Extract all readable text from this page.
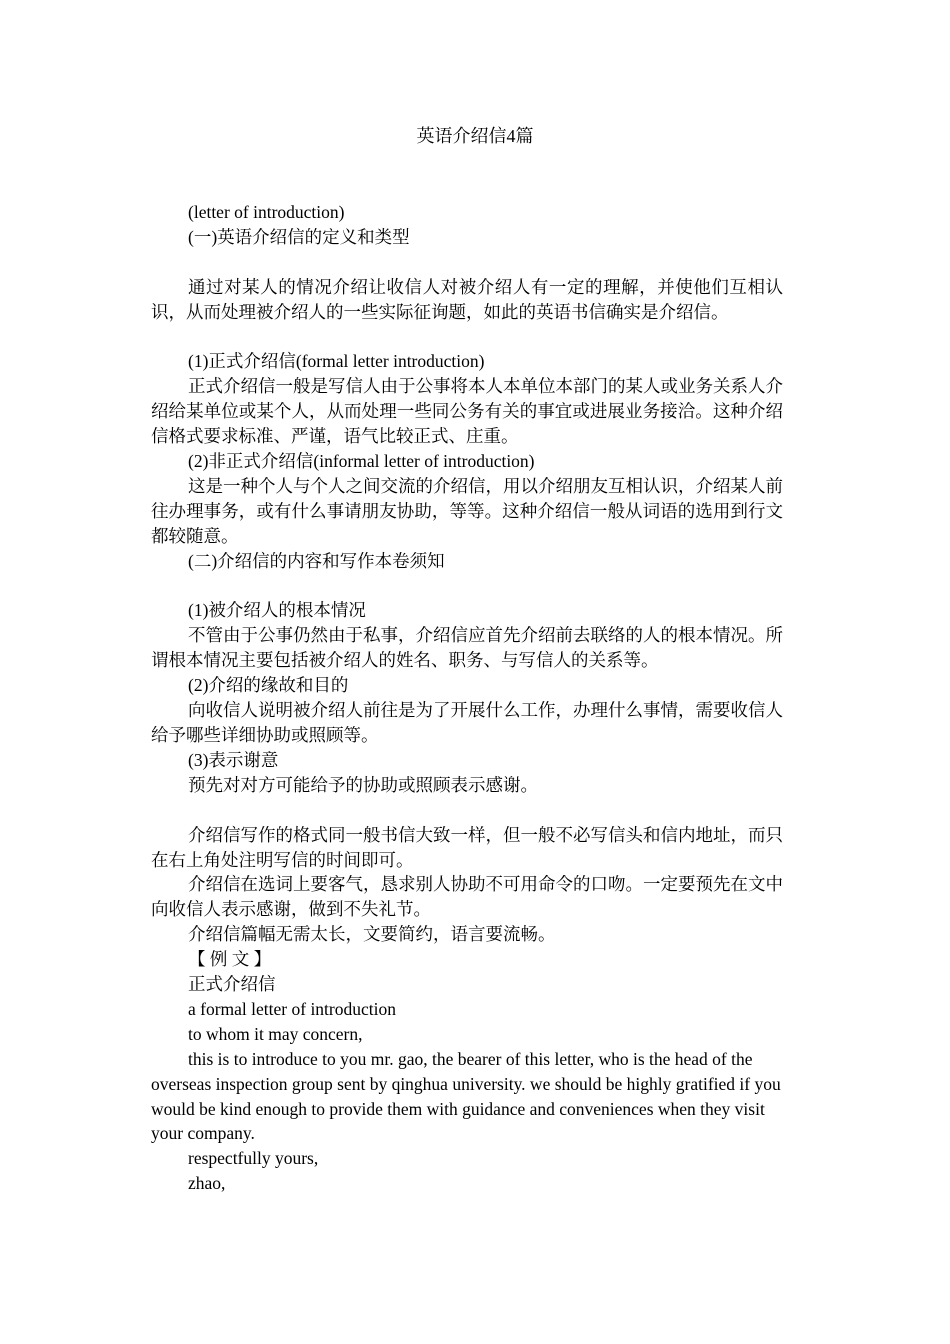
英语介绍信4篇

(letter of introduction)

(一)英语介绍信的定义和类型

通过对某人的情况介绍让收信人对被介绍人有一定的理解，并使他们互相认识，从而处理被介绍人的一些实际征询题，如此的英语书信确实是介绍信。

(1)正式介绍信(formal letter introduction)

正式介绍信一般是写信人由于公事将本人本单位本部门的某人或业务关系人介绍给某单位或某个人，从而处理一些同公务有关的事宜或进展业务接洽。这种介绍信格式要求标准、严谨，语气比较正式、庄重。

(2)非正式介绍信(informal letter of introduction)

这是一种个人与个人之间交流的介绍信，用以介绍朋友互相认识，介绍某人前往办理事务，或有什么事请朋友协助，等等。这种介绍信一般从词语的选用到行文都较随意。

(二)介绍信的内容和写作本卷须知

(1)被介绍人的根本情况

不管由于公事仍然由于私事，介绍信应首先介绍前去联络的人的根本情况。所谓根本情况主要包括被介绍人的姓名、职务、与写信人的关系等。

(2)介绍的缘故和目的

向收信人说明被介绍人前往是为了开展什么工作，办理什么事情，需要收信人给予哪些详细协助或照顾等。

(3)表示谢意

预先对对方可能给予的协助或照顾表示感谢。

介绍信写作的格式同一般书信大致一样，但一般不必写信头和信内地址，而只在右上角处注明写信的时间即可。

介绍信在选词上要客气，恳求别人协助不可用命令的口吻。一定要预先在文中向收信人表示感谢，做到不失礼节。

介绍信篇幅无需太长，文要简约，语言要流畅。

【 例 文 】

正式介绍信

a formal letter of introduction

to whom it may concern,

this is to introduce to you mr. gao, the bearer of this letter, who is the head of the overseas inspection group sent by qinghua university. we should be highly gratified if you would be kind enough to provide them with guidance and conveniences when they visit your company.

respectfully yours,

zhao,
